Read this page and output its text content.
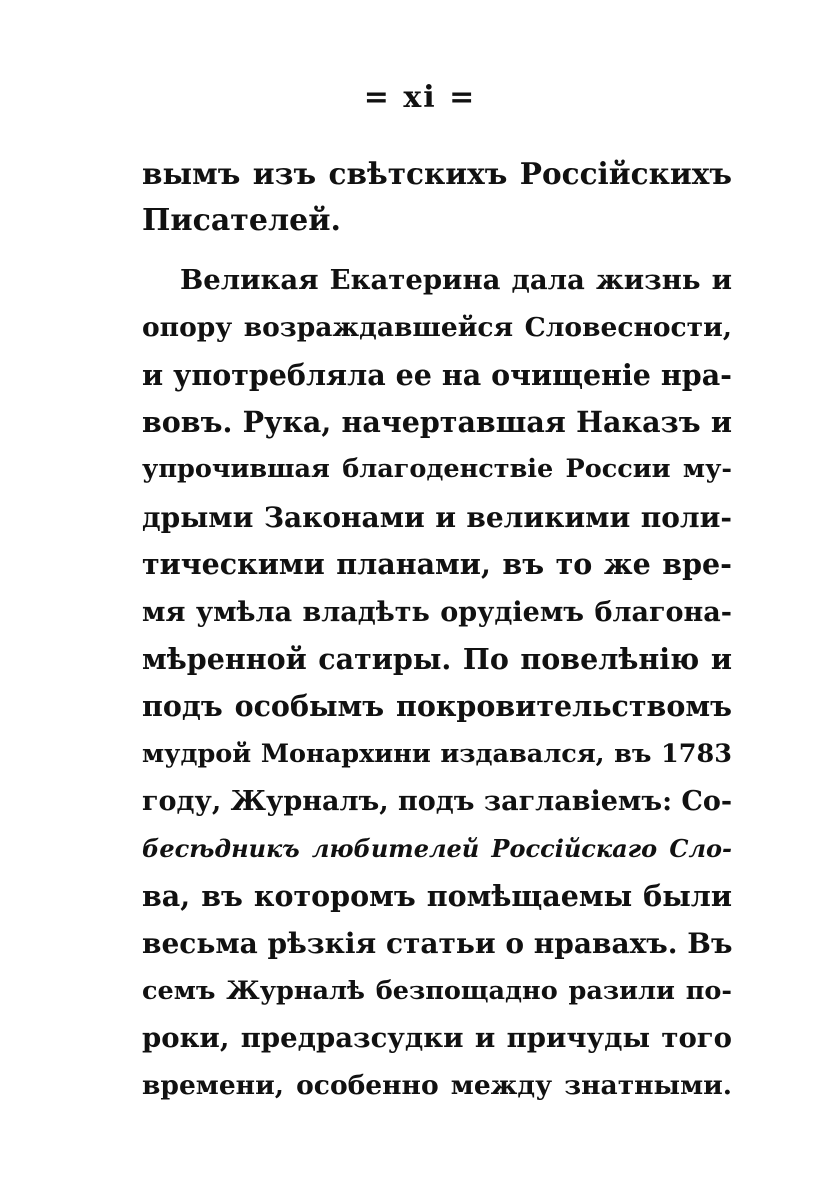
= xi =
вымъ изъ свѣтскихъ Россійскихъ
Писателей.
Великая Екатерина дала жизнь и
опору возраждавшейся Словесности,
и употребляла ее на очищеніе нра-
вовъ. Рука, начертавшая Наказъ и
упрочившая благоденствіе России му-
дрыми Законами и великими поли-
тическими планами, въ то же вре-
мя умѣла владѣть орудіемъ благона-
мѣренной сатиры. По повелѣнію и
подъ особымъ покровительствомъ
мудрой Монархини издавался, въ 1783
году, Журналъ, подъ заглавіемъ: Со-
бесѣдникъ любителей Россійскаго Сло-
ва, въ которомъ помѣщаемы были
весьма рѣзкія статьи о нравахъ. Въ
семъ Журналѣ безпощадно разили по-
роки, предразсудки и причуды того
времени, особенно между знатными.
